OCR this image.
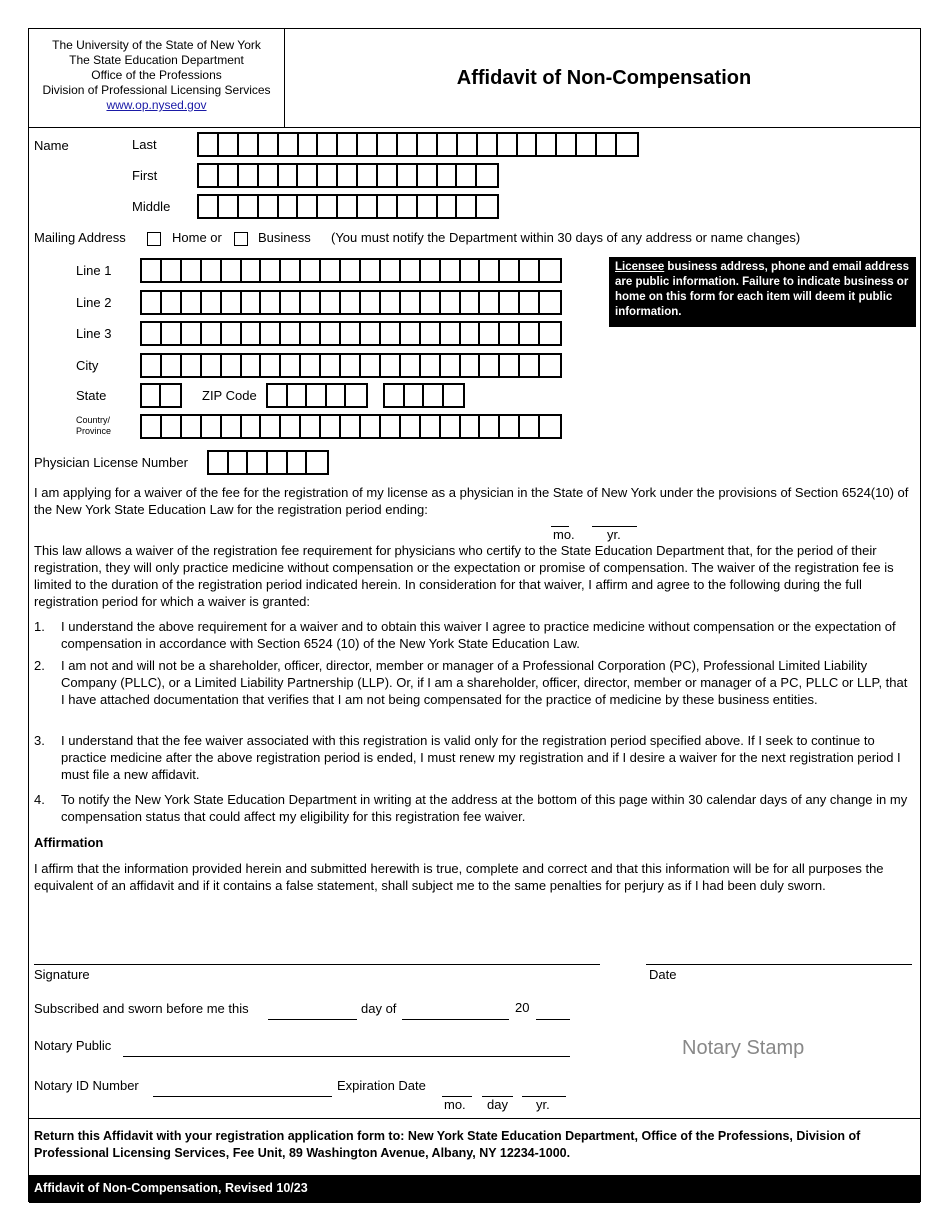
The University of the State of New York
The State Education Department
Office of the Professions
Division of Professional Licensing Services
www.op.nysed.gov
Affidavit of Non-Compensation
Name	Last
First
Middle
Mailing Address	Home or	Business (You must notify the Department within 30 days of any address or name changes)
Line 1
Line 2
Line 3
City
State	ZIP Code
Country/
Province
Licensee business address, phone and email address are public information. Failure to indicate business or home on this form for each item will deem it public information.
Physician License Number
I am applying for a waiver of the fee for the registration of my license as a physician in the State of New York under the provisions of Section 6524(10) of the New York State Education Law for the registration period ending:
mo. yr.
This law allows a waiver of the registration fee requirement for physicians who certify to the State Education Department that, for the period of their registration, they will only practice medicine without compensation or the expectation or promise of compensation. The waiver of the registration fee is limited to the duration of the registration period indicated herein. In consideration for that waiver, I affirm and agree to the following during the full registration period for which a waiver is granted:
1.	I understand the above requirement for a waiver and to obtain this waiver I agree to practice medicine without compensation or the expectation of compensation in accordance with Section 6524 (10) of the New York State Education Law.
2.	I am not and will not be a shareholder, officer, director, member or manager of a Professional Corporation (PC), Professional Limited Liability Company (PLLC), or a Limited Liability Partnership (LLP). Or, if I am a shareholder, officer, director, member or manager of a PC, PLLC or LLP, that I have attached documentation that verifies that I am not being compensated for the practice of medicine by these business entities.
3.	I understand that the fee waiver associated with this registration is valid only for the registration period specified above. If I seek to continue to practice medicine after the above registration period is ended, I must renew my registration and if I desire a waiver for the next registration period I must file a new affidavit.
4.	To notify the New York State Education Department in writing at the address at the bottom of this page within 30 calendar days of any change in my compensation status that could affect my eligibility for this registration fee waiver.
Affirmation
I affirm that the information provided herein and submitted herewith is true, complete and correct and that this information will be for all purposes the equivalent of an affidavit and if it contains a false statement, shall subject me to the same penalties for perjury as if I had been duly sworn.
Signature	Date
Subscribed and sworn before me this	day of	20
Notary Public
Notary ID Number	Expiration Date
mo. day yr.
Notary Stamp
Return this Affidavit with your registration application form to: New York State Education Department, Office of the Professions, Division of Professional Licensing Services, Fee Unit, 89 Washington Avenue, Albany, NY 12234-1000.
Affidavit of Non-Compensation, Revised 10/23
